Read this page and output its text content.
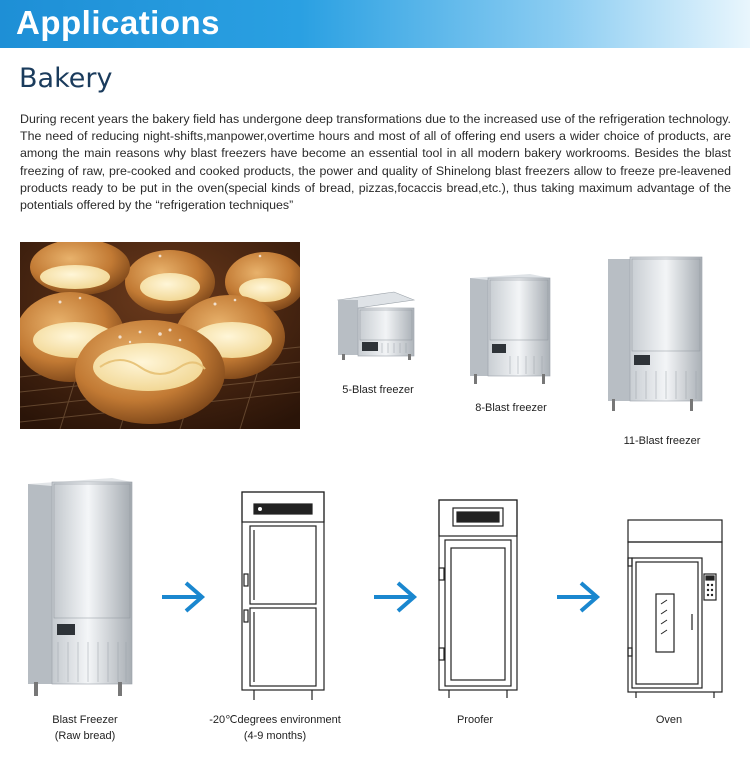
Applications
Bakery
During recent years the bakery field has undergone deep transformations due to the increased use of the refrigeration technology. The need of reducing night-shifts,manpower,overtime hours and most of all of offering end users a wider choice of products, are among the main reasons why blast freezers have become an essential tool in all modern bakery workrooms. Besides the blast freezing of raw, pre-cooked and cooked products, the power and quality of Shinelong blast freezers allow to freeze pre-leavened products ready to be put in the oven(special kinds of bread, pizzas,focaccis bread,etc.), thus taking maximum advantage of the potentials offered by the “refrigeration techniques”
5-Blast freezer
8-Blast freezer
11-Blast freezer
Blast Freezer
(Raw bread)
-20℃degrees environment
(4-9 months)
Proofer	Oven
